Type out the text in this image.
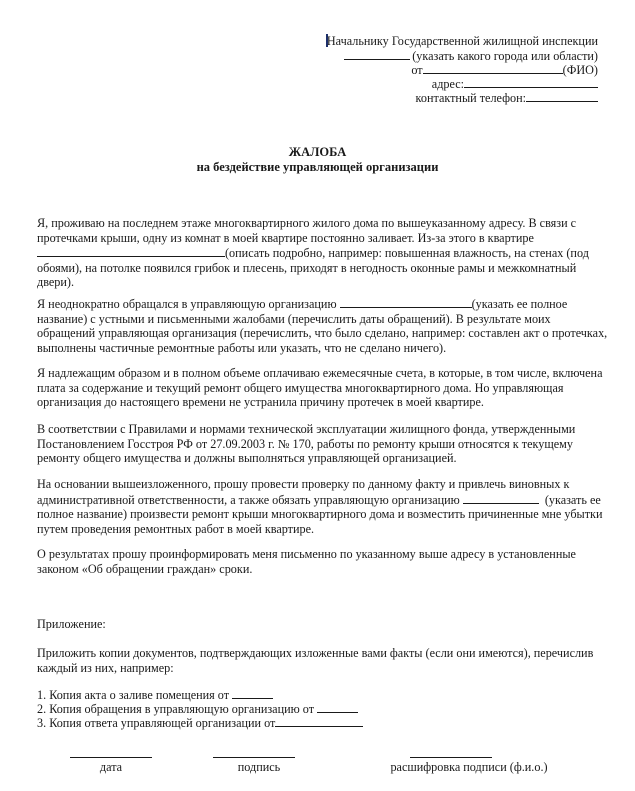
Начальнику Государственной жилищной инспекции
(указать какого города или области)
от	(ФИО)
адрес:
контактный телефон:
ЖАЛОБА
на бездействие управляющей организации
Я, проживаю на последнем этаже многоквартирного жилого дома по вышеуказанному адресу. В связи с
протечками крыши, одну из комнат в моей квартире постоянно заливает. Из-за этого в квартире
(описать подробно, например: повышенная влажность, на стенах (под
обоями), на потолке появился грибок и плесень, приходят в негодность оконные рамы и межкомнатный
двери).
Я неоднократно обращался в управляющую организацию	(указать ее полное
название) с устными и письменными жалобами (перечислить даты обращений). В результате моих
обращений управляющая организация (перечислить, что было сделано, например: составлен акт о протечках,
выполнены частичные ремонтные работы или указать, что не сделано ничего).
Я надлежащим образом и в полном объеме оплачиваю ежемесячные счета, в которые, в том числе, включена
плата за содержание и текущий ремонт общего имущества многоквартирного дома. Но управляющая
организация до настоящего времени не устранила причину протечек в моей квартире.
В соответствии с Правилами и нормами технической эксплуатации жилищного фонда, утвержденными
Постановлением Госстроя РФ от 27.09.2003 г. № 170, работы по ремонту крыши относятся к текущему
ремонту общего имущества и должны выполняться управляющей организацией.
На основании вышеизложенного, прошу провести проверку по данному факту и привлечь виновных к
административной ответственности, а также обязать управляющую организацию	(указать ее
полное название) произвести ремонт крыши многоквартирного дома и возместить причиненные мне убытки
путем проведения ремонтных работ в моей квартире.
О результатах прошу проинформировать меня письменно по указанному выше адресу в установленные
законом «Об обращении граждан» сроки.
Приложение:
Приложить копии документов, подтверждающих изложенные вами факты (если они имеются), перечислив
каждый из них, например:
1. Копия акта о заливе помещения от
2. Копия обращения в управляющую организацию от
3. Копия ответа управляющей организации от
дата	подпись	расшифровка подписи (ф.и.о.)
